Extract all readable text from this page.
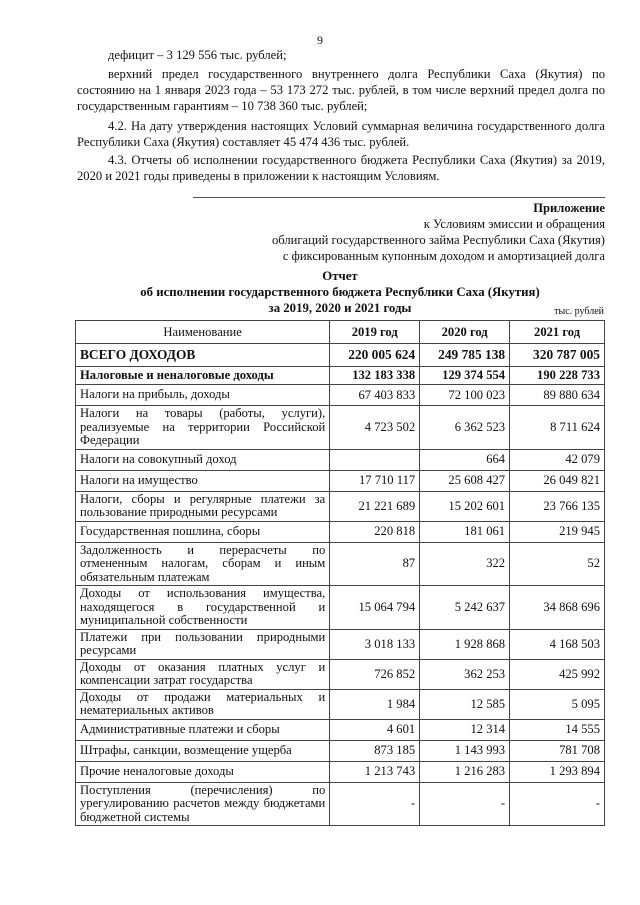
9

дефицит – 3 129 556 тыс. рублей;

верхний предел государственного внутреннего долга Республики Саха (Якутия) по состоянию на 1 января 2023 года – 53 173 272 тыс. рублей, в том числе верхний предел долга по государственным гарантиям – 10 738 360 тыс. рублей;

4.2. На дату утверждения настоящих Условий суммарная величина государственного долга Республики Саха (Якутия) составляет 45 474 436 тыс. рублей.

4.3. Отчеты об исполнении государственного бюджета Республики Саха (Якутия) за 2019, 2020 и 2021 годы приведены в приложении к настоящим Условиям.

Приложение
к Условиям эмиссии и обращения
облигаций государственного займа Республики Саха (Якутия)
с фиксированным купонным доходом и амортизацией долга
Отчет
об исполнении государственного бюджета Республики Саха (Якутия)
за 2019, 2020 и 2021 годы	тыс. рублей
Наименование	2019 год	2020 год	2021 год
ВСЕГО ДОХОДОВ	220 005 624	249 785 138	320 787 005
Налоговые и неналоговые доходы	132 183 338	129 374 554	190 228 733
Налоги на прибыль, доходы	67 403 833	72 100 023	89 880 634
Налоги на товары (работы, услуги), реализуемые на территории Российской Федерации	4 723 502	6 362 523	8 711 624
Налоги на совокупный доход		664	42 079
Налоги на имущество	17 710 117	25 608 427	26 049 821
Налоги, сборы и регулярные платежи за пользование природными ресурсами	21 221 689	15 202 601	23 766 135
Государственная пошлина, сборы	220 818	181 061	219 945
Задолженность и перерасчеты по отмененным налогам, сборам и иным обязательным платежам	87	322	52
Доходы от использования имущества, находящегося в государственной и муниципальной собственности	15 064 794	5 242 637	34 868 696
Платежи при пользовании природными ресурсами	3 018 133	1 928 868	4 168 503
Доходы от оказания платных услуг и компенсации затрат государства	726 852	362 253	425 992
Доходы от продажи материальных и нематериальных активов	1 984	12 585	5 095
Административные платежи и сборы	4 601	12 314	14 555
Штрафы, санкции, возмещение ущерба	873 185	1 143 993	781 708
Прочие неналоговые доходы	1 213 743	1 216 283	1 293 894
Поступления (перечисления) по урегулированию расчетов между бюджетами бюджетной системы	-	-	-
